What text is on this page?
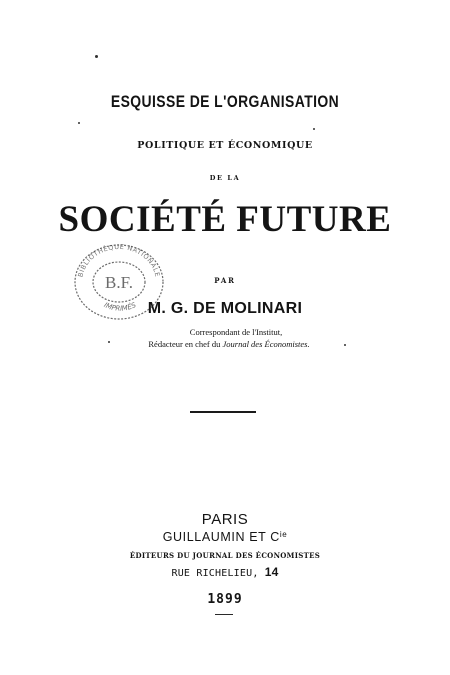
ESQUISSE DE L'ORGANISATION
POLITIQUE ET ÉCONOMIQUE
DE LA
SOCIÉTÉ FUTURE
PAR
M. G. DE MOLINARI
Correspondant de l'Institut,
Rédacteur en chef du Journal des Économistes.
PARIS
GUILLAUMIN ET $C^{ie}$
ÉDITEURS DU JOURNAL DES ÉCONOMISTES
RUE RICHELIEU, 14
1899
BIBLIOTHÈQUE NATIONALE
B.F.
IMPRIMÉS
